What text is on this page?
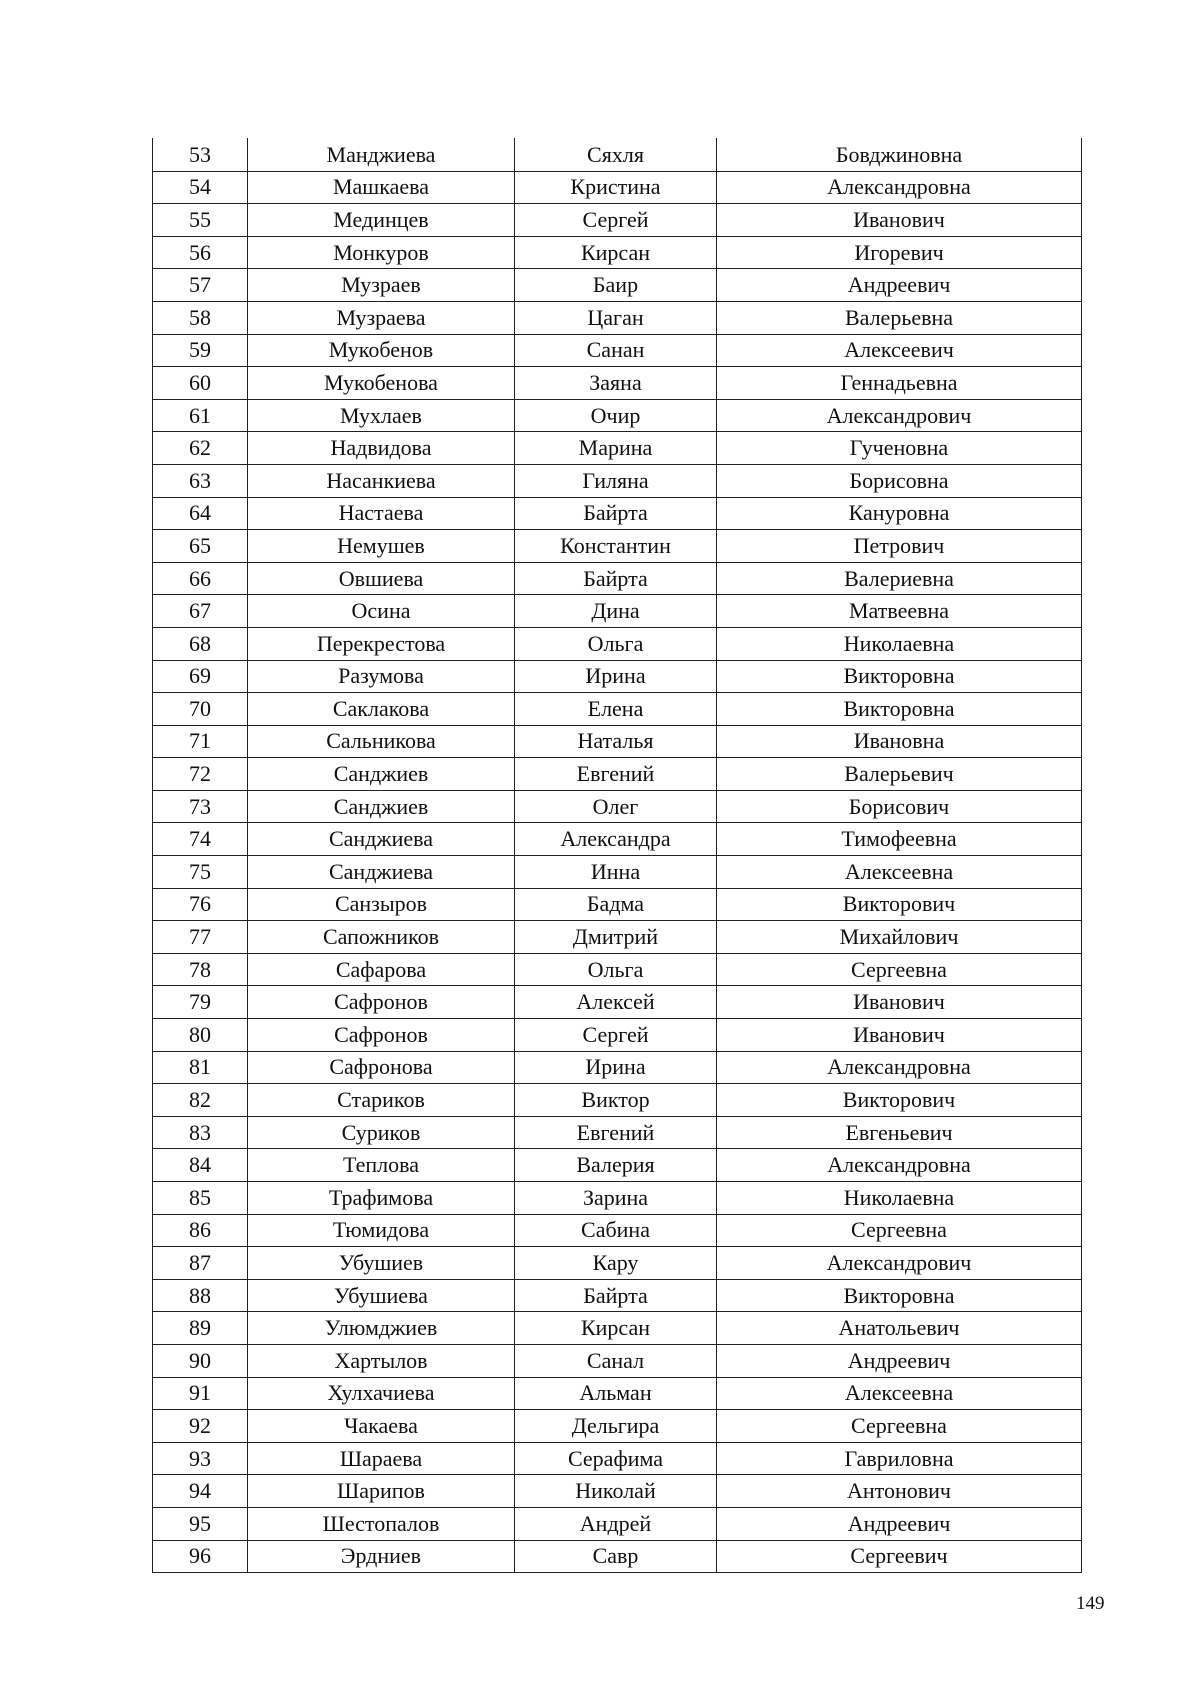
53	Манджиева	Сяхля	Бовджиновна
54	Машкаева	Кристина	Александровна
55	Мединцев	Сергей	Иванович
56	Монкуров	Кирсан	Игоревич
57	Музраев	Баир	Андреевич
58	Музраева	Цаган	Валерьевна
59	Мукобенов	Санан	Алексеевич
60	Мукобенова	Заяна	Геннадьевна
61	Мухлаев	Очир	Александрович
62	Надвидова	Марина	Гученовна
63	Насанкиева	Гиляна	Борисовна
64	Настаева	Байрта	Кануровна
65	Немушев	Константин	Петрович
66	Овшиева	Байрта	Валериевна
67	Осина	Дина	Матвеевна
68	Перекрестова	Ольга	Николаевна
69	Разумова	Ирина	Викторовна
70	Саклакова	Елена	Викторовна
71	Сальникова	Наталья	Ивановна
72	Санджиев	Евгений	Валерьевич
73	Санджиев	Олег	Борисович
74	Санджиева	Александра	Тимофеевна
75	Санджиева	Инна	Алексеевна
76	Санзыров	Бадма	Викторович
77	Сапожников	Дмитрий	Михайлович
78	Сафарова	Ольга	Сергеевна
79	Сафронов	Алексей	Иванович
80	Сафронов	Сергей	Иванович
81	Сафронова	Ирина	Александровна
82	Стариков	Виктор	Викторович
83	Суриков	Евгений	Евгеньевич
84	Теплова	Валерия	Александровна
85	Трафимова	Зарина	Николаевна
86	Тюмидова	Сабина	Сергеевна
87	Убушиев	Кару	Александрович
88	Убушиева	Байрта	Викторовна
89	Улюмджиев	Кирсан	Анатольевич
90	Хартылов	Санал	Андреевич
91	Хулхачиева	Альман	Алексеевна
92	Чакаева	Дельгира	Сергеевна
93	Шараева	Серафима	Гавриловна
94	Шарипов	Николай	Антонович
95	Шестопалов	Андрей	Андреевич
96	Эрдниев	Савр	Сергеевич
149
